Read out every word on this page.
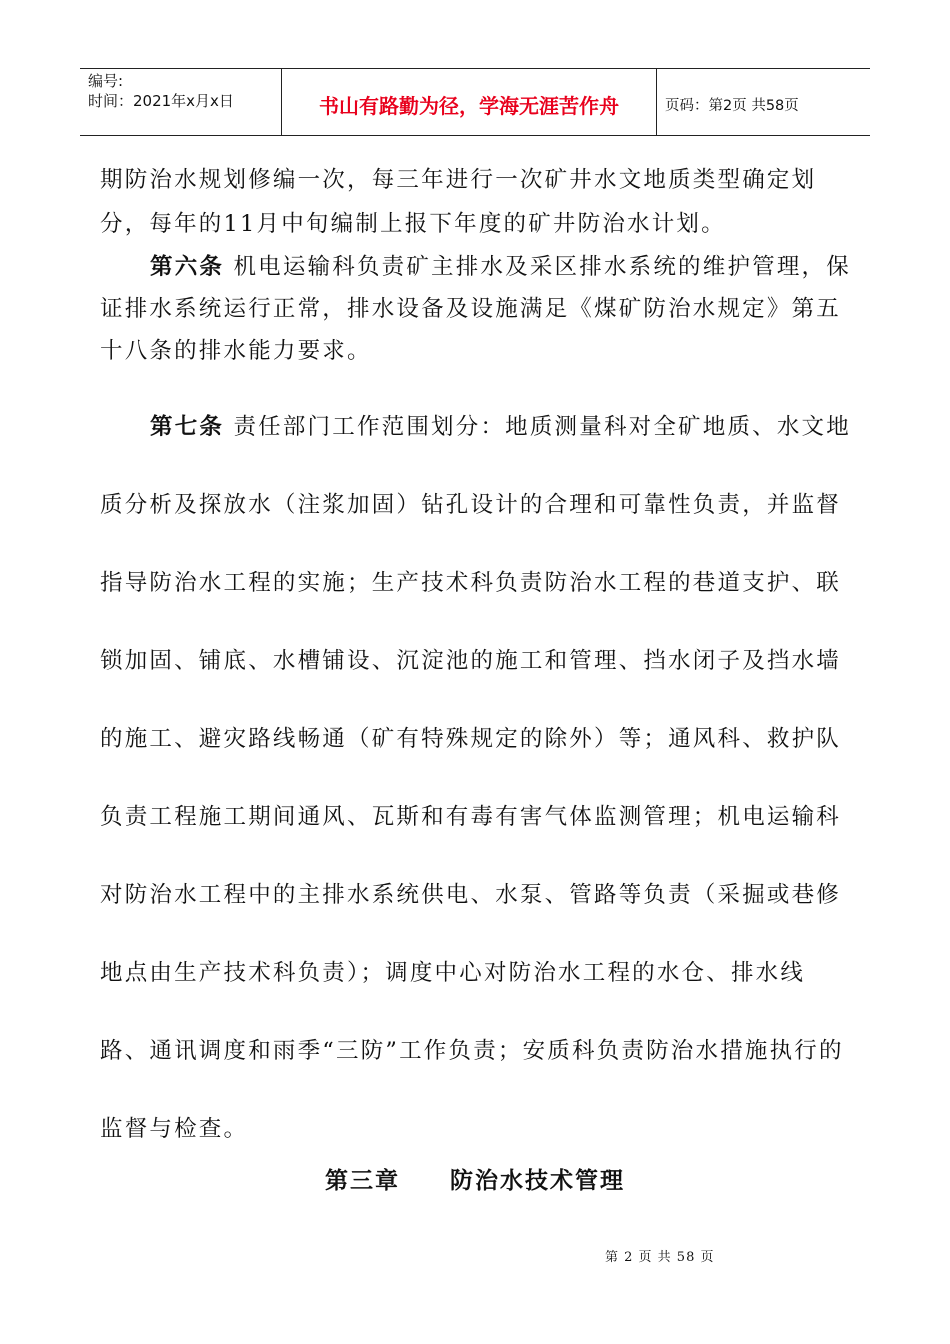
编号:
时间：2021年x月x日	书山有路勤为径，学海无涯苦作舟	页码：第2页 共58页

期防治水规划修编一次，每三年进行一次矿井水文地质类型确定划分，每年的11月中旬编制上报下年度的矿井防治水计划。

第六条 机电运输科负责矿主排水及采区排水系统的维护管理，保证排水系统运行正常，排水设备及设施满足《煤矿防治水规定》第五十八条的排水能力要求。

第七条 责任部门工作范围划分：地质测量科对全矿地质、水文地质分析及探放水（注浆加固）钻孔设计的合理和可靠性负责，并监督指导防治水工程的实施；生产技术科负责防治水工程的巷道支护、联锁加固、铺底、水槽铺设、沉淀池的施工和管理、挡水闭子及挡水墙的施工、避灾路线畅通（矿有特殊规定的除外）等；通风科、救护队负责工程施工期间通风、瓦斯和有毒有害气体监测管理；机电运输科对防治水工程中的主排水系统供电、水泵、管路等负责（采掘或巷修地点由生产技术科负责）；调度中心对防治水工程的水仓、排水线路、通讯调度和雨季“三防”工作负责；安质科负责防治水措施执行的监督与检查。

第三章     防治水技术管理
第 2 页 共 58 页
